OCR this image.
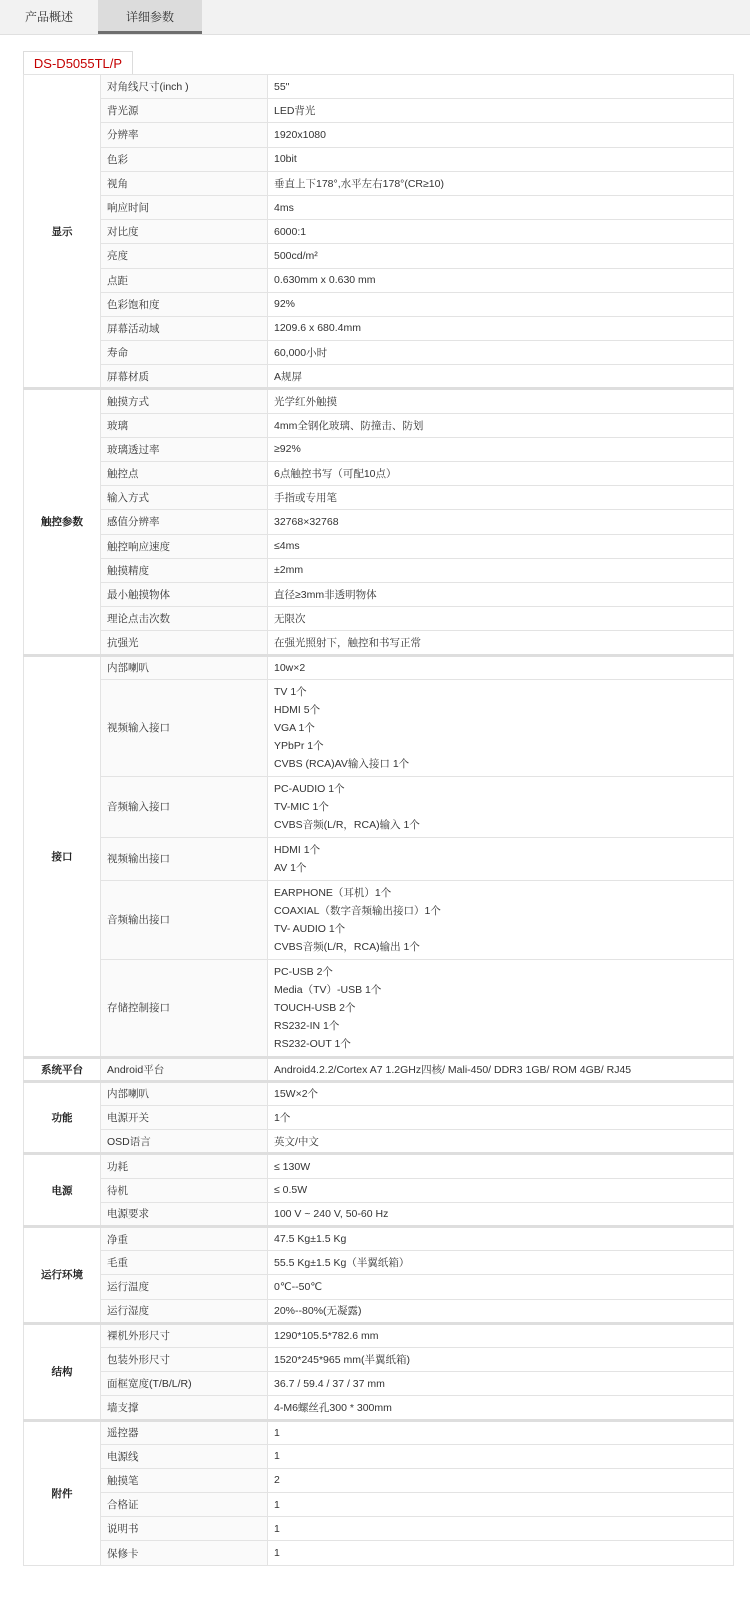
产品概述	详细参数
DS-D5055TL/P
显示	对角线尺寸(inch )	55"
	背光源	LED背光
	分辨率	1920x1080
	色彩	10bit
	视角	垂直上下178°,水平左右178°(CR≥10)
	响应时间	4ms
	对比度	6000:1
	亮度	500cd/m²
	点距	0.630mm x 0.630 mm
	色彩饱和度	92%
	屏幕活动域	1209.6 x 680.4mm
	寿命	60,000小时
	屏幕材质	A规屏
触控参数	触摸方式	光学红外触摸
	玻璃	4mm全钢化玻璃、防撞击、防划
	玻璃透过率	≥92%
	触控点	6点触控书写（可配10点）
	输入方式	手指或专用笔
	感值分辨率	32768×32768
	触控响应速度	≤4ms
	触摸精度	±2mm
	最小触摸物体	直径≥3mm非透明物体
	理论点击次数	无限次
	抗强光	在强光照射下，触控和书写正常
接口	内部喇叭	10w×2
	视频输入接口	TV 1个
HDMI 5个
VGA 1个
YPbPr 1个
CVBS (RCA)AV输入接口 1个

	音频输入接口	PC-AUDIO 1个
TV-MIC 1个
CVBS音频(L/R，RCA)输入 1个

	视频输出接口	HDMI 1个
AV 1个

	音频输出接口	EARPHONE（耳机）1个
COAXIAL（数字音频输出接口）1个
TV- AUDIO 1个
CVBS音频(L/R，RCA)输出 1个

	存储控制接口	PC-USB 2个
Media（TV）-USB 1个
TOUCH-USB 2个
RS232-IN 1个
RS232-OUT 1个

系统平台	Android平台	Android4.2.2/Cortex A7 1.2GHz四核/ Mali-450/ DDR3 1GB/ ROM 4GB/ RJ45
功能	内部喇叭	15W×2个
	电源开关	1个
	OSD语言	英文/中文
电源	功耗	≤ 130W
	待机	≤ 0.5W
	电源要求	100 V ~ 240 V, 50-60 Hz
运行环境	净重	47.5 Kg±1.5 Kg
	毛重	55.5 Kg±1.5 Kg（半翼纸箱）
	运行温度	0℃--50℃
	运行湿度	20%--80%(无凝露)
结构	裸机外形尺寸	1290*105.5*782.6 mm
	包装外形尺寸	1520*245*965 mm(半翼纸箱)
	面框宽度(T/B/L/R)	36.7 / 59.4 / 37 / 37 mm
	墙支撑	4-M6螺丝孔300 * 300mm
附件	遥控器	1
	电源线	1
	触摸笔	2
	合格证	1
	说明书	1
	保修卡	1
